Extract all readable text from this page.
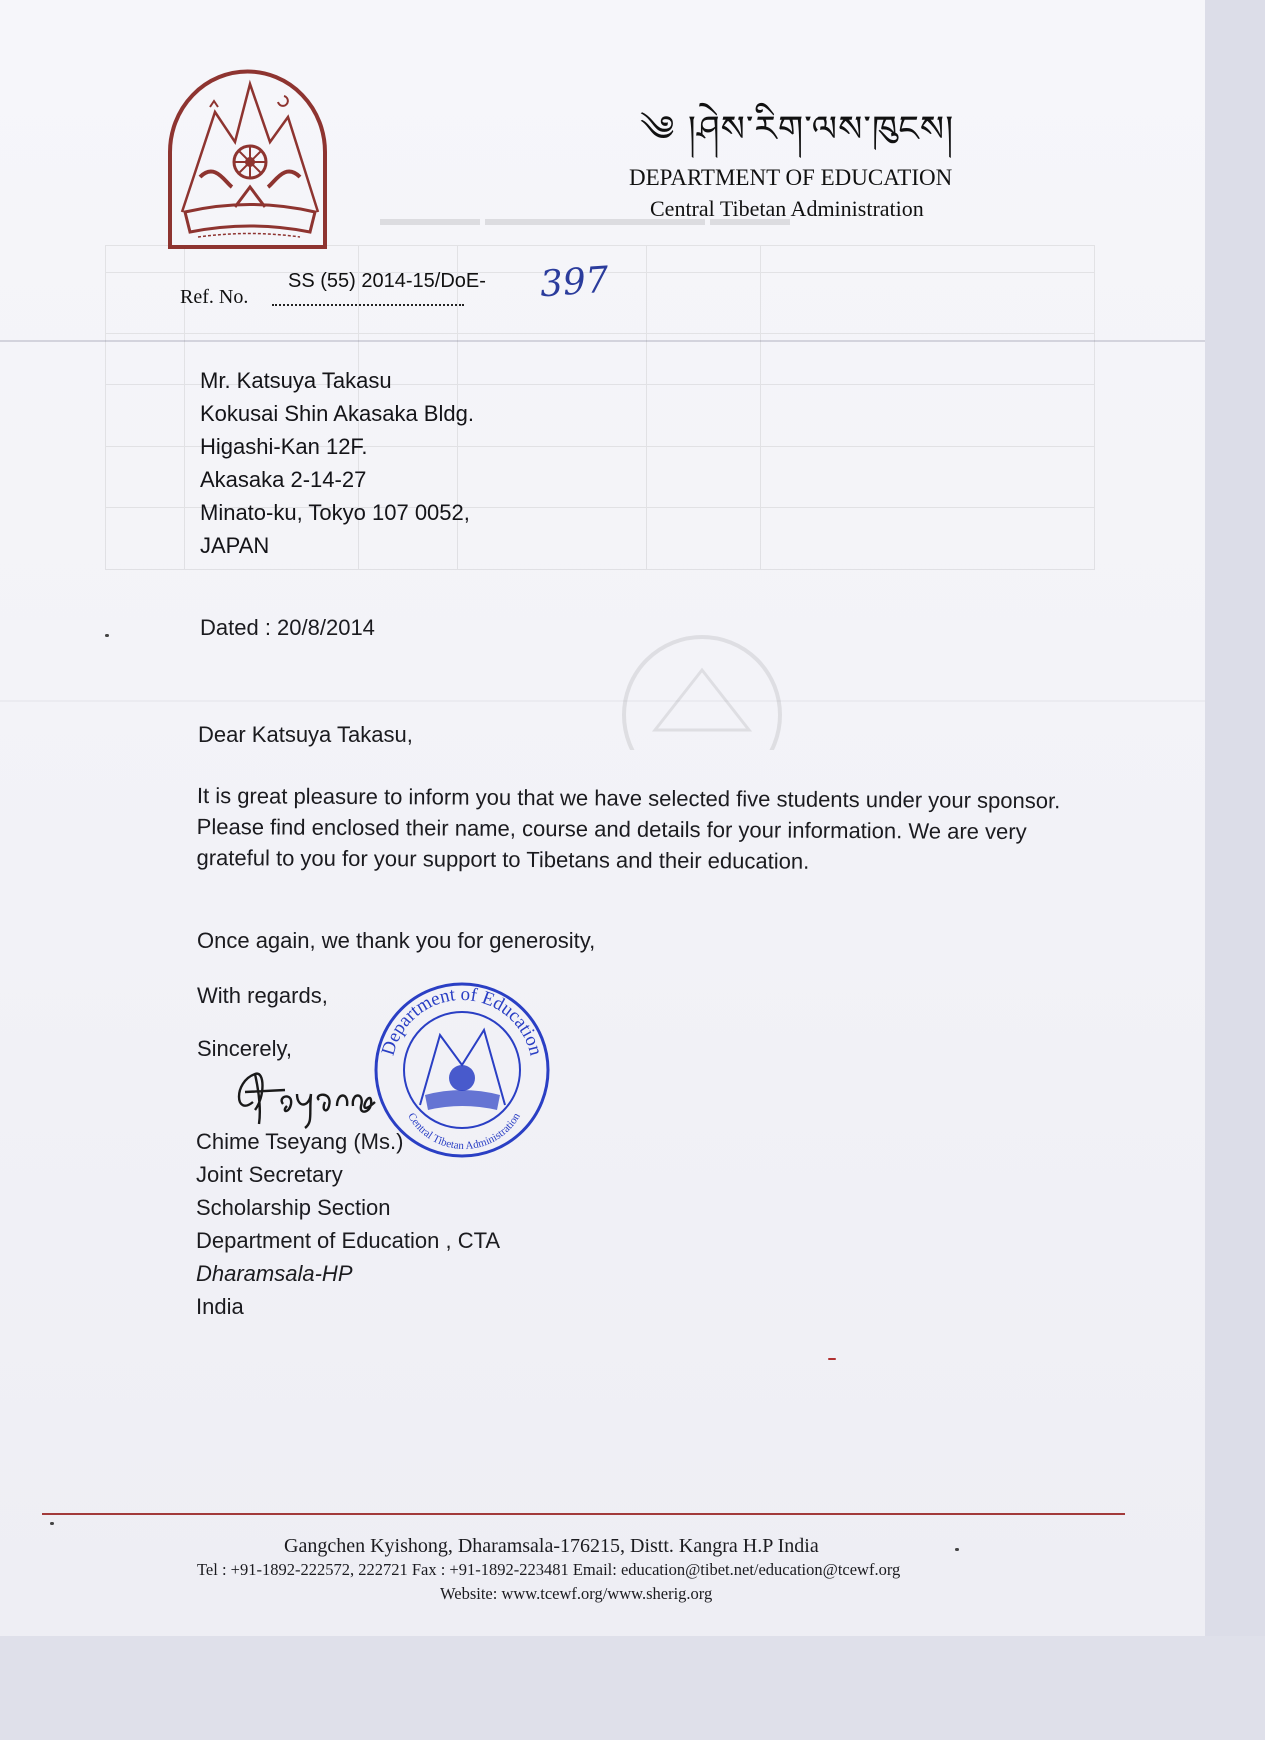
▬▬▬▬▬ ▬▬▬▬▬▬▬▬▬▬▬ ▬▬▬▬

༄ །ཤེས་རིག་ལས་ཁུངས།
DEPARTMENT OF EDUCATION
Central Tibetan Administration
Ref. No.
SS (55) 2014-15/DoE- 397
Mr. Katsuya Takasu
Kokusai Shin Akasaka Bldg.
Higashi-Kan 12F.
Akasaka 2-14-27
Minato-ku, Tokyo 107 0052,
JAPAN
Dated : 20/8/2014
Dear Katsuya Takasu,
It is great pleasure to inform you that we have selected five students under your sponsor. Please find enclosed their name, course and details for your information. We are very grateful to you for your support to Tibetans and their education.
Once again, we thank you for generosity,
With regards,
Sincerely,	Department of Education
Central Tibetan Administration
Chime Tseyang (Ms.)
Joint Secretary
Scholarship Section
Department of Education , CTA
Dharamsala-HP
India
Gangchen Kyishong, Dharamsala-176215, Distt. Kangra H.P India
Tel : +91-1892-222572, 222721 Fax : +91-1892-223481 Email: education@tibet.net/education@tcewf.org
Website: www.tcewf.org/www.sherig.org
